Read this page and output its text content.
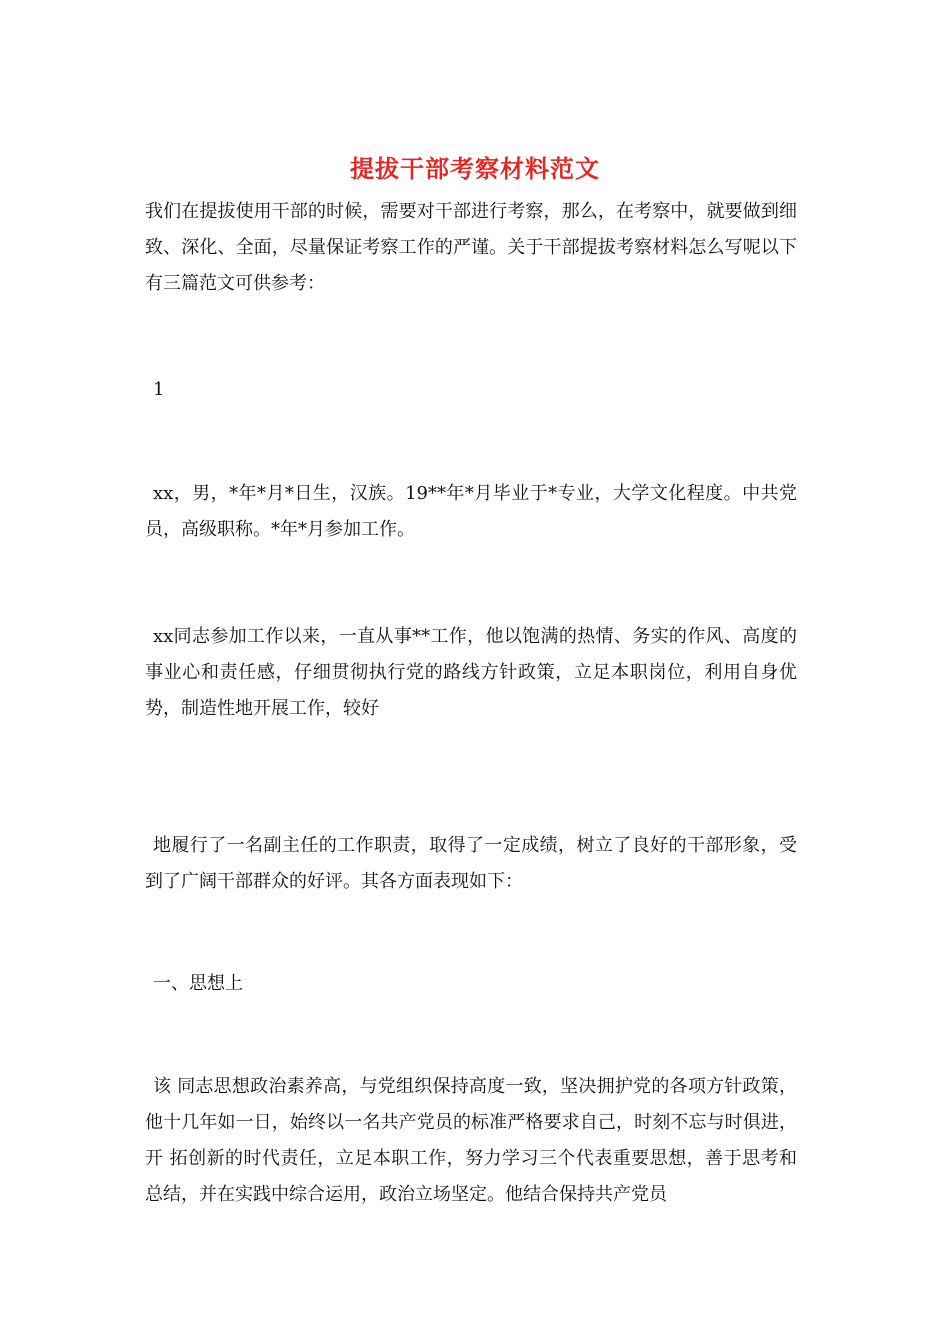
提拔干部考察材料范文

我们在提拔使用干部的时候，需要对干部进行考察，那么，在考察中，就要做到细致、深化、全面，尽量保证考察工作的严谨。关于干部提拔考察材料怎么写呢以下有三篇范文可供参考：

1

xx，男，*年*月*日生，汉族。19**年*月毕业于*专业，大学文化程度。中共党员，高级职称。*年*月参加工作。

xx同志参加工作以来，一直从事**工作，他以饱满的热情、务实的作风、高度的事业心和责任感，仔细贯彻执行党的路线方针政策，立足本职岗位，利用自身优势，制造性地开展工作，较好

地履行了一名副主任的工作职责，取得了一定成绩，树立了良好的干部形象，受到了广阔干部群众的好评。其各方面表现如下：

一、思想上

该 同志思想政治素养高，与党组织保持高度一致，坚决拥护党的各项方针政策，他十几年如一日，始终以一名共产党员的标准严格要求自己，时刻不忘与时俱进，开 拓创新的时代责任，立足本职工作，努力学习三个代表重要思想，善于思考和总结，并在实践中综合运用，政治立场坚定。他结合保持共产党员
